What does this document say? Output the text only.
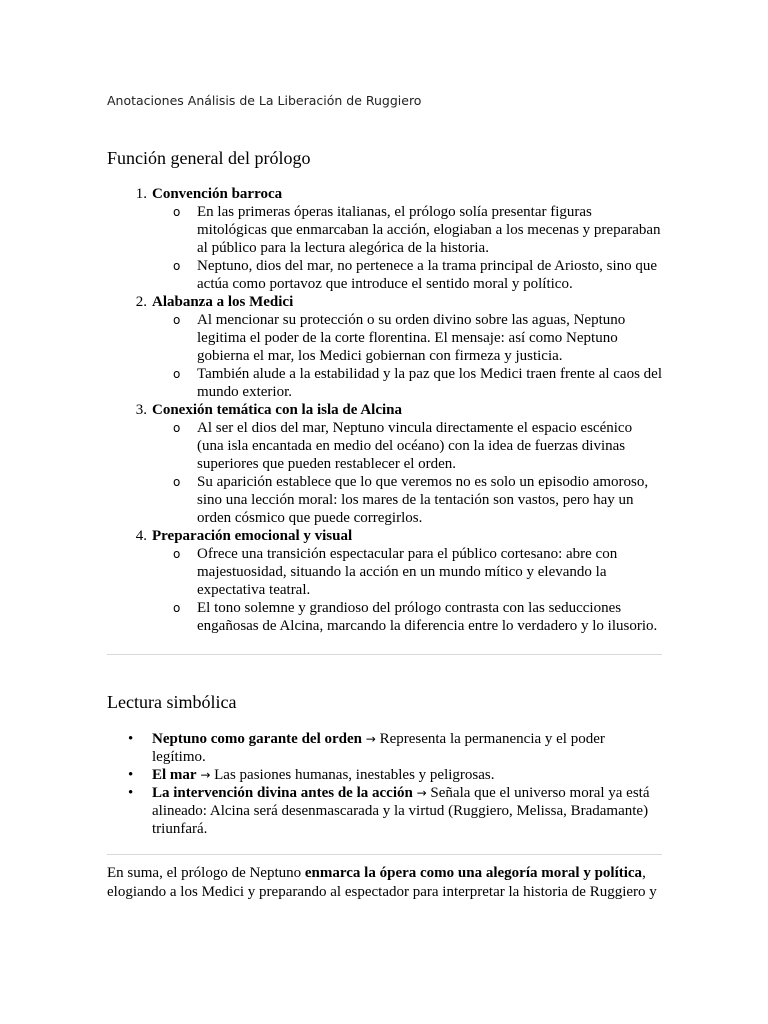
Anotaciones Análisis de La Liberación de Ruggiero
Función general del prólogo
1. Convención barroca
o En las primeras óperas italianas, el prólogo solía presentar figuras mitológicas que enmarcaban la acción, elogiaban a los mecenas y preparaban al público para la lectura alegórica de la historia.
o Neptuno, dios del mar, no pertenece a la trama principal de Ariosto, sino que actúa como portavoz que introduce el sentido moral y político.
2. Alabanza a los Medici
o Al mencionar su protección o su orden divino sobre las aguas, Neptuno legitima el poder de la corte florentina. El mensaje: así como Neptuno gobierna el mar, los Medici gobiernan con firmeza y justicia.
o También alude a la estabilidad y la paz que los Medici traen frente al caos del mundo exterior.
3. Conexión temática con la isla de Alcina
o Al ser el dios del mar, Neptuno vincula directamente el espacio escénico (una isla encantada en medio del océano) con la idea de fuerzas divinas superiores que pueden restablecer el orden.
o Su aparición establece que lo que veremos no es solo un episodio amoroso, sino una lección moral: los mares de la tentación son vastos, pero hay un orden cósmico que puede corregirlos.
4. Preparación emocional y visual
o Ofrece una transición espectacular para el público cortesano: abre con majestuosidad, situando la acción en un mundo mítico y elevando la expectativa teatral.
o El tono solemne y grandioso del prólogo contrasta con las seducciones engañosas de Alcina, marcando la diferencia entre lo verdadero y lo ilusorio.
Lectura simbólica
• Neptuno como garante del orden → Representa la permanencia y el poder legítimo.
• El mar → Las pasiones humanas, inestables y peligrosas.
• La intervención divina antes de la acción → Señala que el universo moral ya está alineado: Alcina será desenmascarada y la virtud (Ruggiero, Melissa, Bradamante) triunfará.
En suma, el prólogo de Neptuno enmarca la ópera como una alegoría moral y política, elogiando a los Medici y preparando al espectador para interpretar la historia de Ruggiero y
